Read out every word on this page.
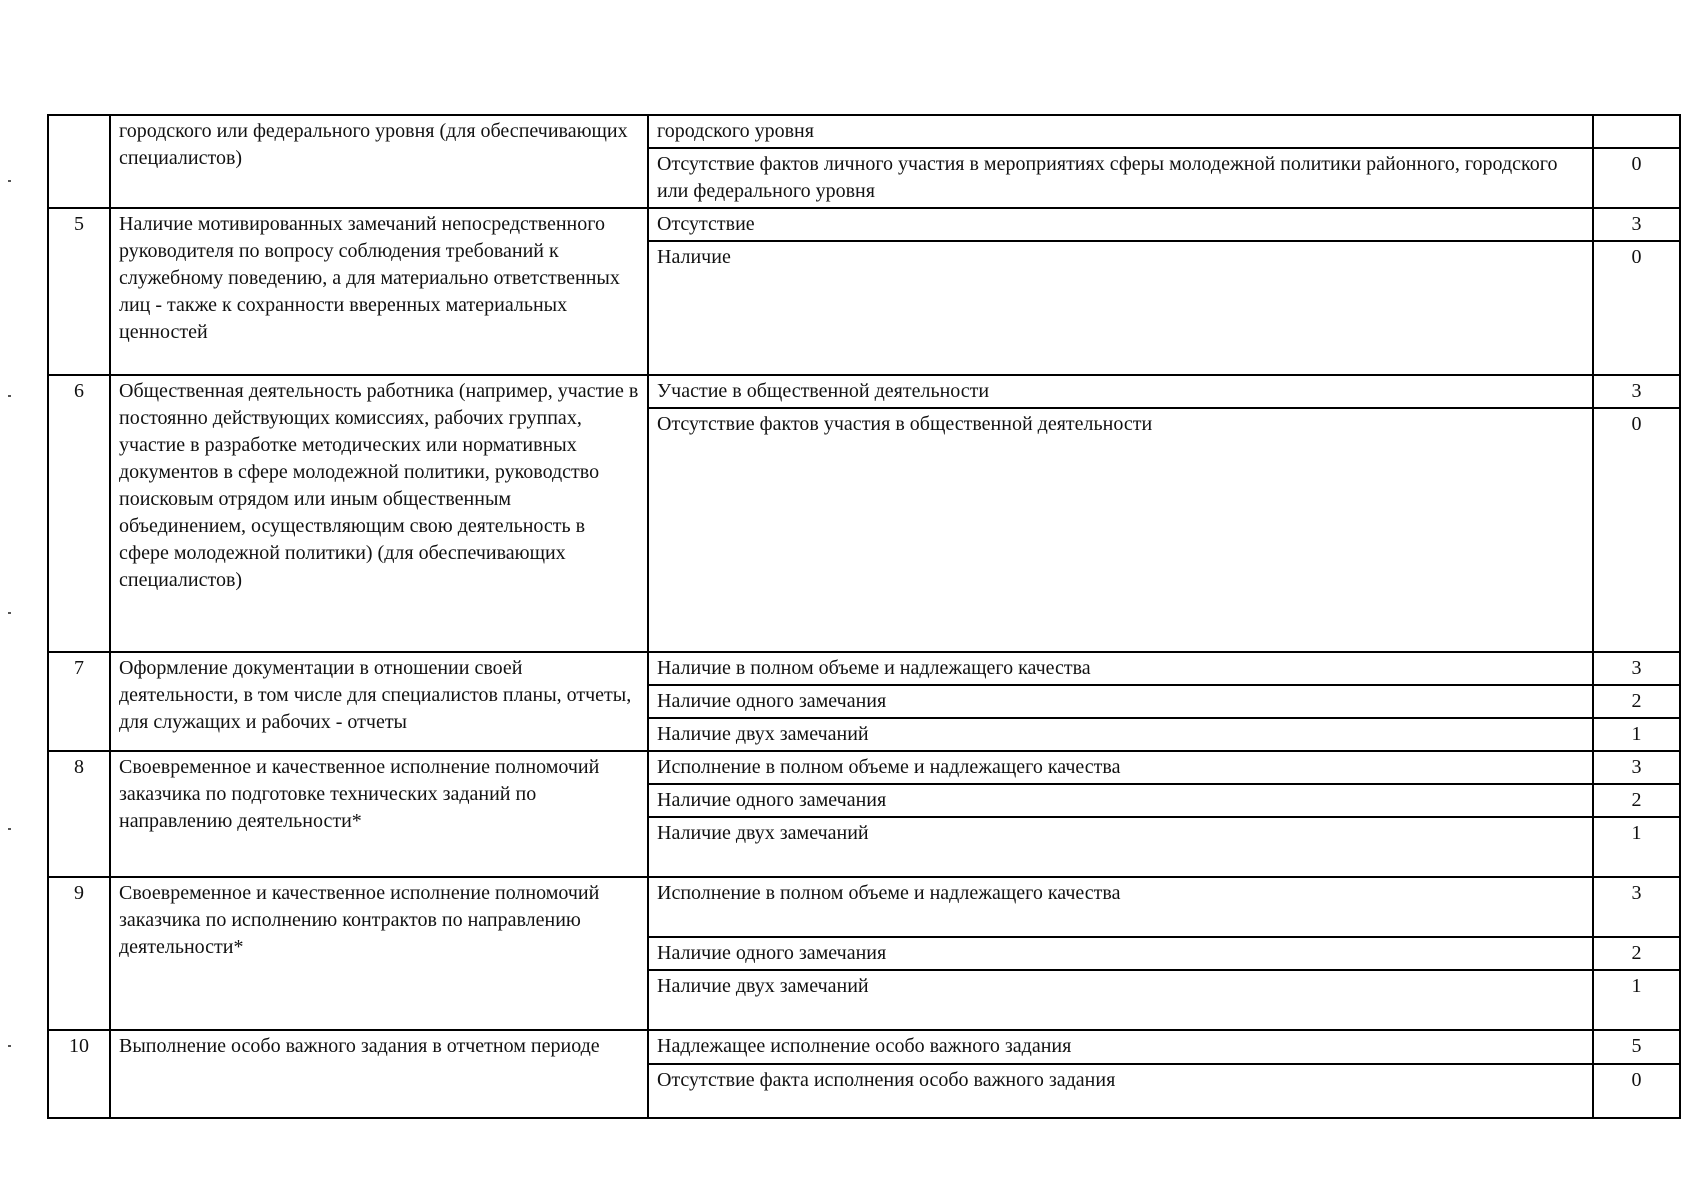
	городского или федерального уровня (для обеспечивающих специалистов)	городского уровня	
		Отсутствие фактов личного участия в мероприятиях сферы молодежной политики районного, городского или федерального уровня	0
5	Наличие мотивированных замечаний непосредственного руководителя по вопросу соблюдения требований к служебному поведению, а для материально ответственных лиц - также к сохранности вверенных материальных ценностей	Отсутствие	3
		Наличие	0
6	Общественная деятельность работника (например, участие в постоянно действующих комиссиях, рабочих группах, участие в разработке методических или нормативных документов в сфере молодежной политики, руководство поисковым отрядом или иным общественным объединением, осуществляющим свою деятельность в сфере молодежной политики) (для обеспечивающих специалистов)	Участие в общественной деятельности	3
		Отсутствие фактов участия в общественной деятельности	0
7	Оформление документации в отношении своей деятельности, в том числе для специалистов планы, отчеты, для служащих и рабочих - отчеты	Наличие в полном объеме и надлежащего качества	3
		Наличие одного замечания	2
		Наличие двух замечаний	1
8	Своевременное и качественное исполнение полномочий заказчика по подготовке технических заданий по направлению деятельности*	Исполнение в полном объеме и надлежащего качества	3
		Наличие одного замечания	2
		Наличие двух замечаний	1
9	Своевременное и качественное исполнение полномочий заказчика по исполнению контрактов по направлению деятельности*	Исполнение в полном объеме и надлежащего качества	3
		Наличие одного замечания	2
		Наличие двух замечаний	1
10	Выполнение особо важного задания в отчетном периоде	Надлежащее исполнение особо важного задания	5
		Отсутствие факта исполнения особо важного задания	0
